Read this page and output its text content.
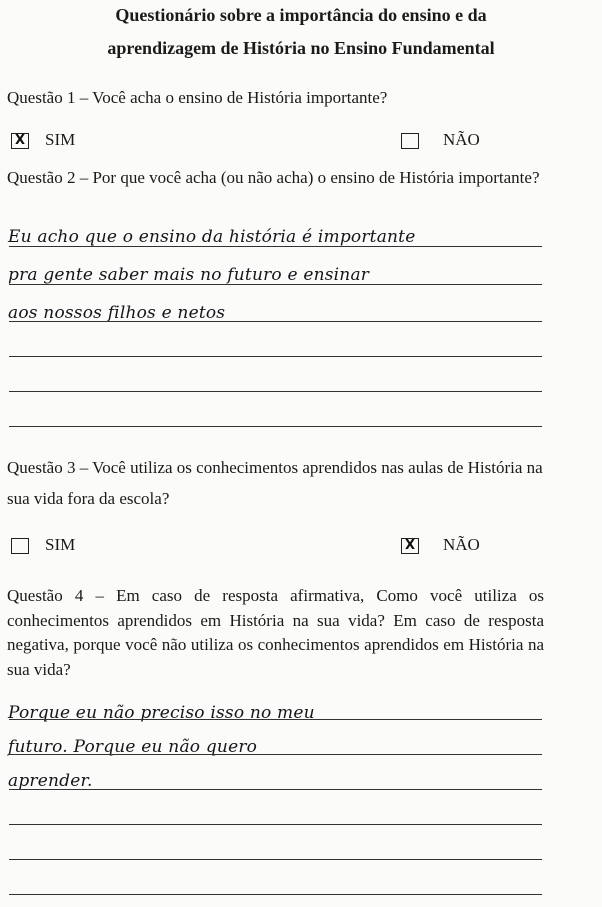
Questionário sobre a importância do ensino e da
aprendizagem de História no Ensino Fundamental
Questão 1 – Você acha o ensino de História importante?
X SIM	NÃO
Questão 2 – Por que você acha (ou não acha) o ensino de História importante?
Eu acho que o ensino da história é importante
pra gente saber mais no futuro e ensinar
aos nossos filhos e netos
Questão 3 – Você utiliza os conhecimentos aprendidos nas aulas de História na sua vida fora da escola?
SIM	X NÃO
Questão 4 – Em caso de resposta afirmativa, Como você utiliza os conhecimentos aprendidos em História na sua vida? Em caso de resposta negativa, porque você não utiliza os conhecimentos aprendidos em História na sua vida?
Porque eu não preciso isso no meu
futuro. Porque eu não quero
aprender.
